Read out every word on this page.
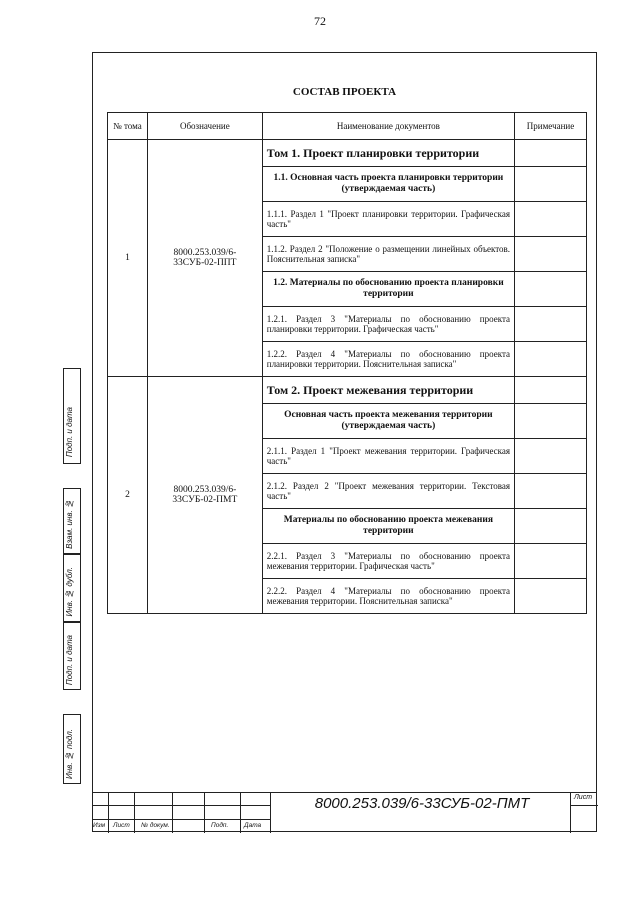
72
Подп. и дата
Взам. инв. №
Инв. № дубл.
Подп. и дата
Инв. № подл.
СОСТАВ ПРОЕКТА
№ тома	Обозначение	Наименование документов	Примечание
1	8000.253.039/6-33СУБ-02-ППТ	Том 1. Проект планировки территории	
		1.1. Основная часть проекта планировки территории (утверждаемая часть)	
		1.1.1. Раздел 1 "Проект планировки территории. Графическая часть"	
		1.1.2. Раздел 2 "Положение о размещении линейных объектов. Пояснительная записка"	
		1.2. Материалы по обоснованию проекта планировки территории	
		1.2.1. Раздел 3 "Материалы по обоснованию проекта планировки территории. Графическая часть"	
		1.2.2. Раздел 4 "Материалы по обоснованию проекта планировки территории. Пояснительная записка"	
2	8000.253.039/6-33СУБ-02-ПМТ	Том 2. Проект межевания территории	
		Основная часть проекта межевания территории (утверждаемая часть)	
		2.1.1. Раздел 1 "Проект межевания территории. Графическая часть"	
		2.1.2. Раздел 2 "Проект межевания территории. Текстовая часть"	
		Материалы по обоснованию проекта межевания территории	
		2.2.1. Раздел 3 "Материалы по обоснованию проекта межевания территории. Графическая часть"	
		2.2.2. Раздел 4 "Материалы по обоснованию проекта межевания территории. Пояснительная записка"	
Изм Лист № докум.	Подп. Дата
8000.253.039/6-33СУБ-02-ПМТ	Лист
